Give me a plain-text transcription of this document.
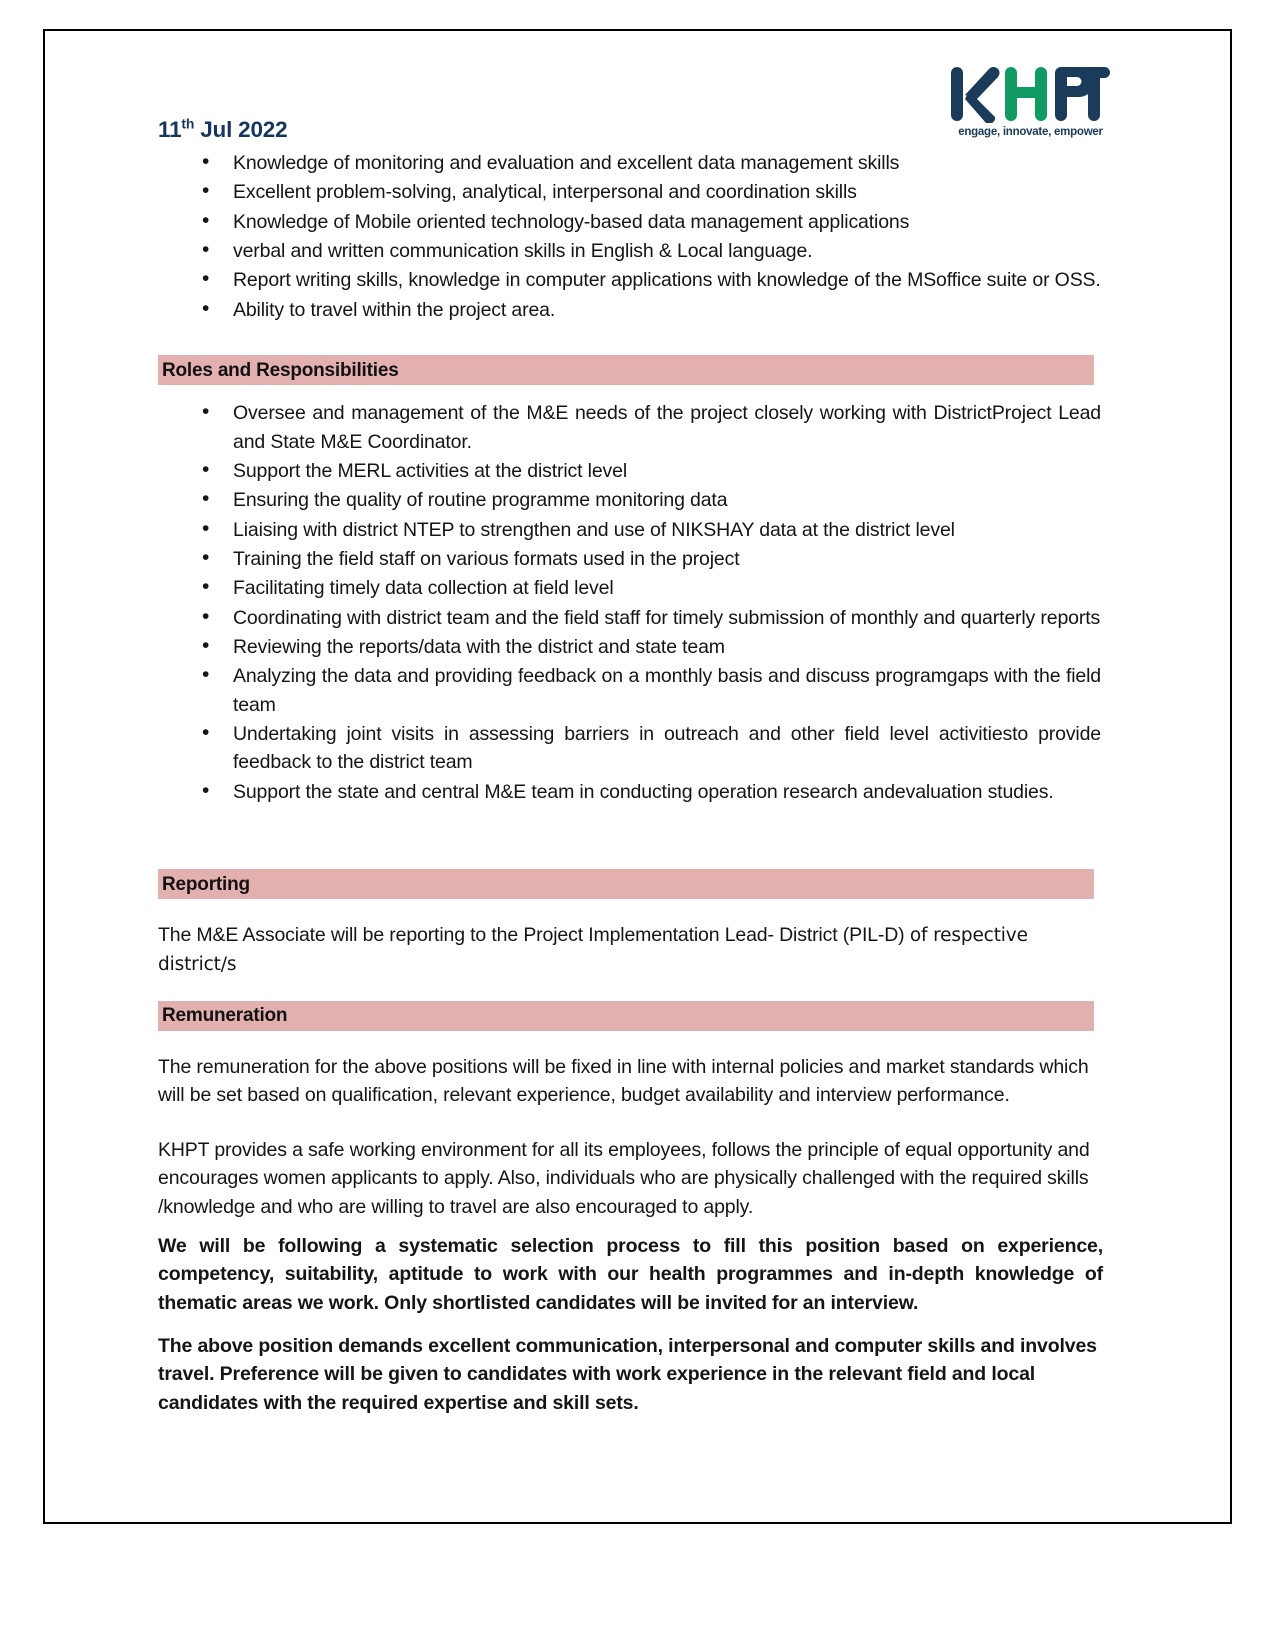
11th Jul 2022	engage, innovate, empower
• Knowledge of monitoring and evaluation and excellent data management skills
• Excellent problem-solving, analytical, interpersonal and coordination skills
• Knowledge of Mobile oriented technology-based data management applications
• verbal and written communication skills in English & Local language.
• Report writing skills, knowledge in computer applications with knowledge of the MSoffice suite or OSS.
• Ability to travel within the project area.
Roles and Responsibilities
• Oversee and management of the M&E needs of the project closely working with DistrictProject Lead and State M&E Coordinator.
• Support the MERL activities at the district level
• Ensuring the quality of routine programme monitoring data
• Liaising with district NTEP to strengthen and use of NIKSHAY data at the district level
• Training the field staff on various formats used in the project
• Facilitating timely data collection at field level
• Coordinating with district team and the field staff for timely submission of monthly and quarterly reports
• Reviewing the reports/data with the district and state team
• Analyzing the data and providing feedback on a monthly basis and discuss programgaps with the field team
• Undertaking joint visits in assessing barriers in outreach and other field level activitiesto provide feedback to the district team
• Support the state and central M&E team in conducting operation research andevaluation studies.
Reporting

The M&E Associate will be reporting to the Project Implementation Lead- District (PIL-D) of respective district/s

Remuneration

The remuneration for the above positions will be fixed in line with internal policies and market standards which will be set based on qualification, relevant experience, budget availability and interview performance.

KHPT provides a safe working environment for all its employees, follows the principle of equal opportunity and encourages women applicants to apply. Also, individuals who are physically challenged with the required skills /knowledge and who are willing to travel are also encouraged to apply.

We will be following a systematic selection process to fill this position based on experience, competency, suitability, aptitude to work with our health programmes and in-depth knowledge of thematic areas we work. Only shortlisted candidates will be invited for an interview.

The above position demands excellent communication, interpersonal and computer skills and involves travel. Preference will be given to candidates with work experience in the relevant field and local candidates with the required expertise and skill sets.
